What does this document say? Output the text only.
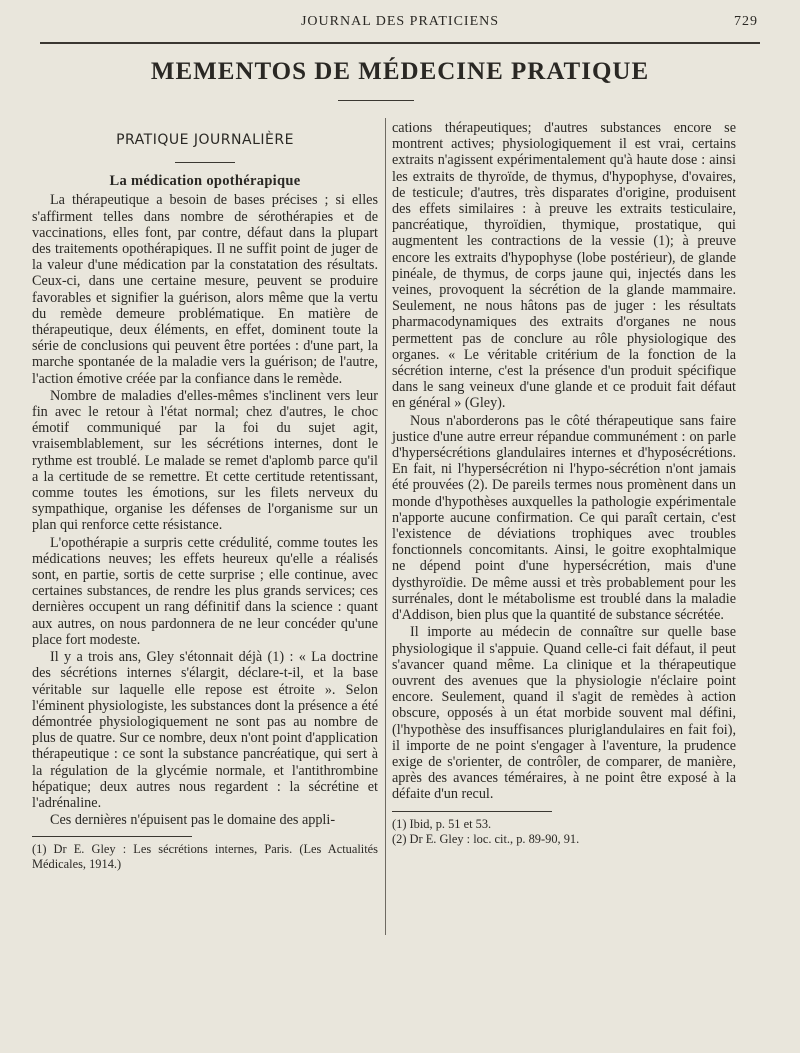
JOURNAL DES PRATICIENS	729
MEMENTOS DE MÉDECINE PRATIQUE
PRATIQUE JOURNALIÈRE
La médication opothérapique

La thérapeutique a besoin de bases précises ; si elles s'affirment telles dans nombre de sérothérapies et de vaccinations, elles font, par contre, défaut dans la plupart des traitements opothérapiques. Il ne suffit point de juger de la valeur d'une médication par la constatation des résultats. Ceux-ci, dans une certaine mesure, peuvent se produire favorables et signifier la guérison, alors même que la vertu du remède demeure problématique. En matière de thérapeutique, deux éléments, en effet, dominent toute la série de conclusions qui peuvent être portées : d'une part, la marche spontanée de la maladie vers la guérison; de l'autre, l'action émotive créée par la confiance dans le remède.

Nombre de maladies d'elles-mêmes s'inclinent vers leur fin avec le retour à l'état normal; chez d'autres, le choc émotif communiqué par la foi du sujet agit, vraisemblablement, sur les sécrétions internes, dont le rythme est troublé. Le malade se remet d'aplomb parce qu'il a la certitude de se remettre. Et cette certitude retentissant, comme toutes les émotions, sur les filets nerveux du sympathique, organise les défenses de l'organisme sur un plan qui renforce cette résistance.

L'opothérapie a surpris cette crédulité, comme toutes les médications neuves; les effets heureux qu'elle a réalisés sont, en partie, sortis de cette surprise ; elle continue, avec certaines substances, de rendre les plus grands services; ces dernières occupent un rang définitif dans la science : quant aux autres, on nous pardonnera de ne leur concéder qu'une place fort modeste.

Il y a trois ans, Gley s'étonnait déjà (1) : « La doctrine des sécrétions internes s'élargit, déclare-t-il, et la base véritable sur laquelle elle repose est étroite ». Selon l'éminent physiologiste, les substances dont la présence a été démontrée physiologiquement ne sont pas au nombre de plus de quatre. Sur ce nombre, deux n'ont point d'application thérapeutique : ce sont la substance pancréatique, qui sert à la régulation de la glycémie normale, et l'antithrombine hépatique; deux autres nous regardent : la sécrétine et l'adrénaline.

Ces dernières n'épuisent pas le domaine des appli-

(1) Dr E. Gley : Les sécrétions internes, Paris. (Les Actualités Médicales, 1914.)

cations thérapeutiques; d'autres substances encore se montrent actives; physiologiquement il est vrai, certains extraits n'agissent expérimentalement qu'à haute dose : ainsi les extraits de thyroïde, de thymus, d'hypophyse, d'ovaires, de testicule; d'autres, très disparates d'origine, produisent des effets similaires : à preuve les extraits testiculaire, pancréatique, thyroïdien, thymique, prostatique, qui augmentent les contractions de la vessie (1); à preuve encore les extraits d'hypophyse (lobe postérieur), de glande pinéale, de thymus, de corps jaune qui, injectés dans les veines, provoquent la sécrétion de la glande mammaire. Seulement, ne nous hâtons pas de juger : les résultats pharmacodynamiques des extraits d'organes ne nous permettent pas de conclure au rôle physiologique des organes. « Le véritable critérium de la fonction de la sécrétion interne, c'est la présence d'un produit spécifique dans le sang veineux d'une glande et ce produit fait défaut en général » (Gley).

Nous n'aborderons pas le côté thérapeutique sans faire justice d'une autre erreur répandue communément : on parle d'hypersécrétions glandulaires internes et d'hyposécrétions. En fait, ni l'hypersécrétion ni l'hypo-sécrétion n'ont jamais été prouvées (2). De pareils termes nous promènent dans un monde d'hypothèses auxquelles la pathologie expérimentale n'apporte aucune confirmation. Ce qui paraît certain, c'est l'existence de déviations trophiques avec troubles fonctionnels concomitants. Ainsi, le goitre exophtalmique ne dépend point d'une hypersécrétion, mais d'une dysthyroïdie. De même aussi et très probablement pour les surrénales, dont le métabolisme est troublé dans la maladie d'Addison, bien plus que la quantité de substance sécrétée.

Il importe au médecin de connaître sur quelle base physiologique il s'appuie. Quand celle-ci fait défaut, il peut s'avancer quand même. La clinique et la thérapeutique ouvrent des avenues que la physiologie n'éclaire point encore. Seulement, quand il s'agit de remèdes à action obscure, opposés à un état morbide souvent mal défini, (l'hypothèse des insuffisances pluriglandulaires en fait foi), il importe de ne point s'engager à l'aventure, la prudence exige de s'orienter, de contrôler, de comparer, de manière, après des avances téméraires, à ne point être exposé à la défaite d'un recul.

(1) Ibid, p. 51 et 53.

(2) Dr E. Gley : loc. cit., p. 89-90, 91.
